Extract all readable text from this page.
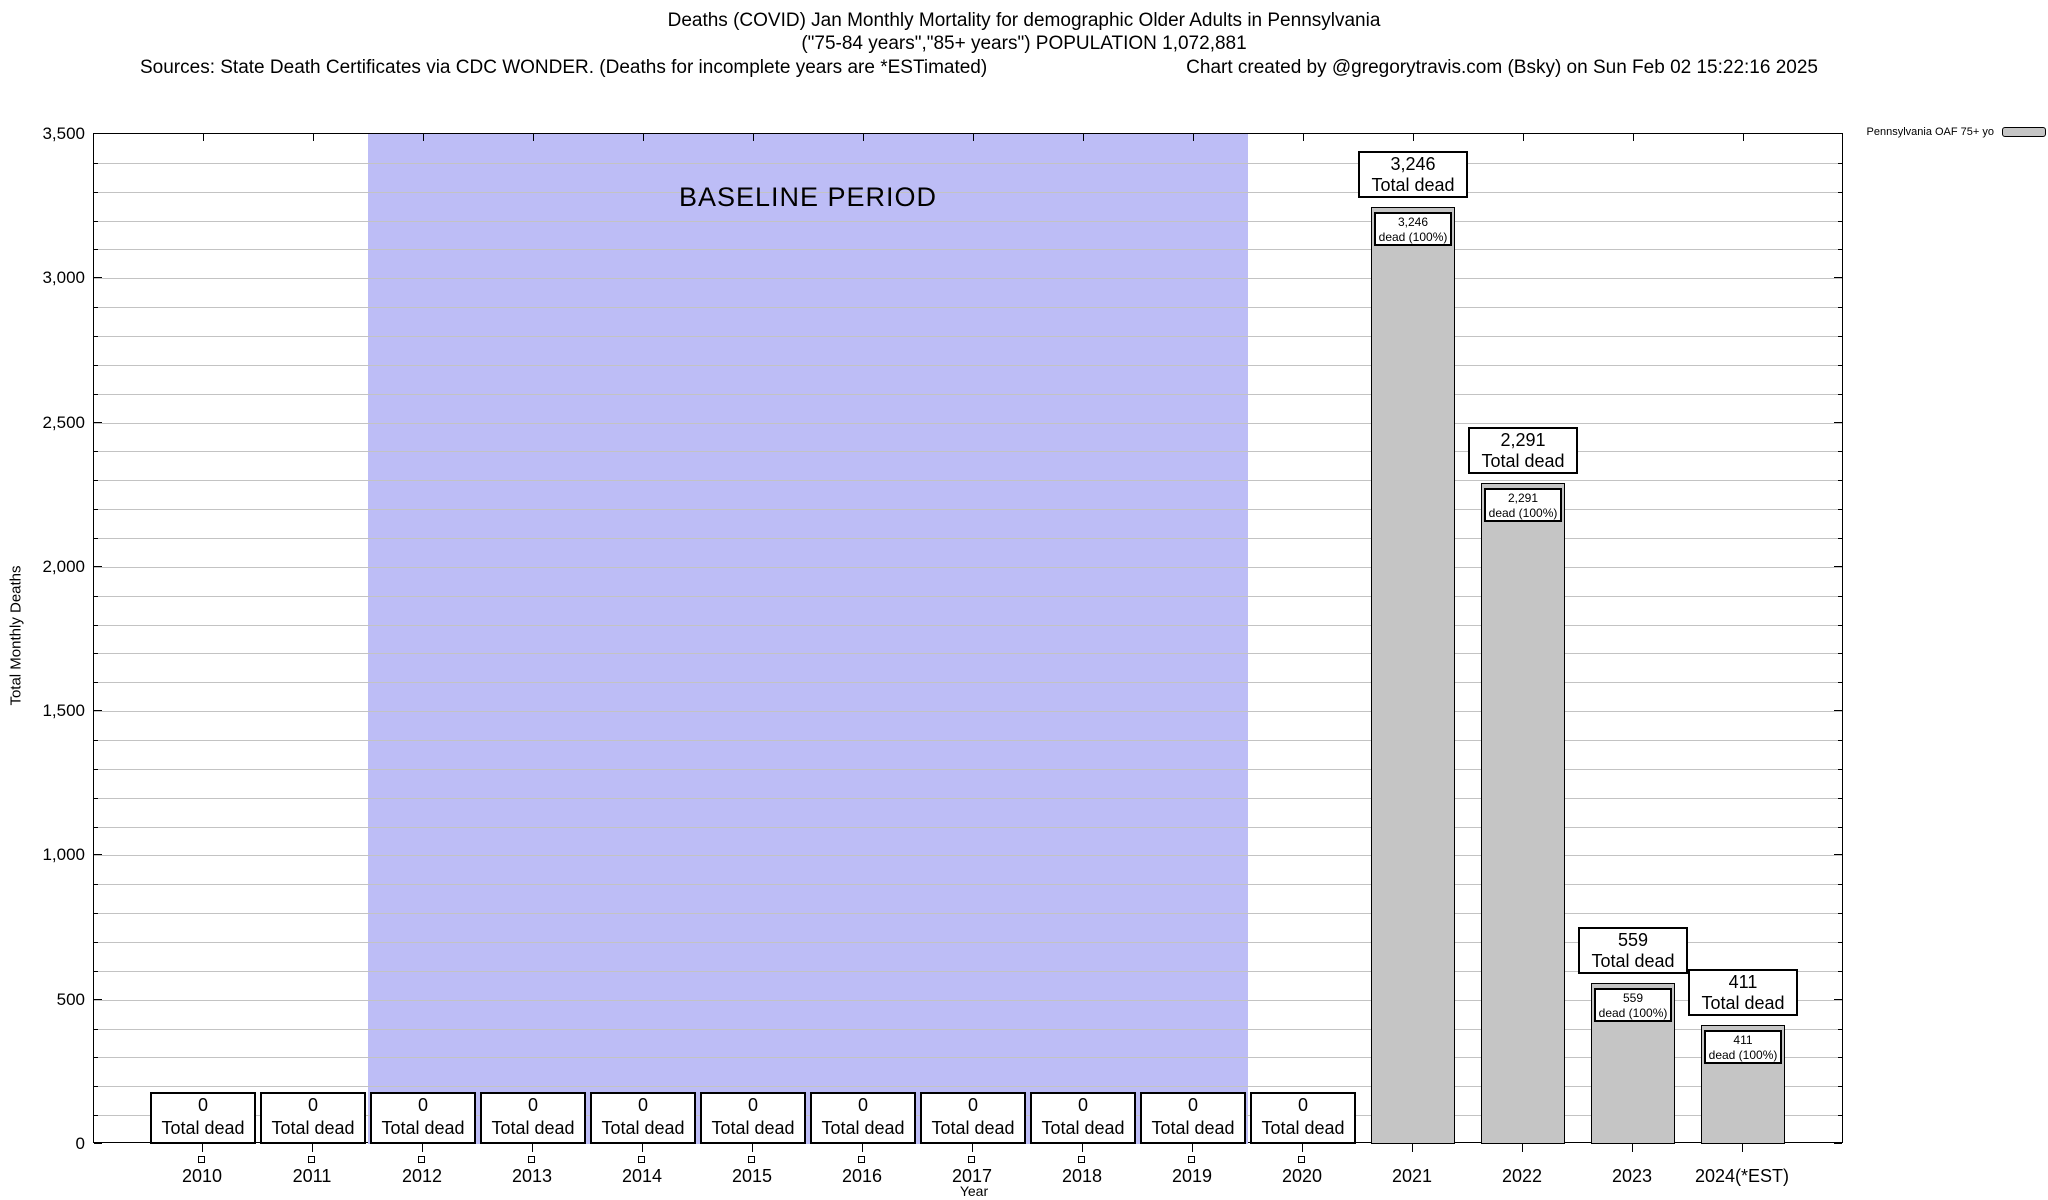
Deaths (COVID) Jan Monthly Mortality for demographic Older Adults in Pennsylvania
("75-84 years","85+ years") POPULATION 1,072,881
Sources: State Death Certificates via CDC WONDER. (Deaths for incomplete years are *ESTimated)	Chart created by @gregorytravis.com (Bsky) on Sun Feb 02 15:22:16 2025
Pennsylvania OAF 75+ yo
Total Monthly Deaths
BASELINE PERIOD
0
Total dead
0
Total dead
0
Total dead
0
Total dead
0
Total dead
0
Total dead
0
Total dead
0
Total dead
0
Total dead
0
Total dead
0
Total dead
3,246
dead (100%)
3,246
Total dead
2,291
dead (100%)
2,291
Total dead
559
dead (100%)
559
Total dead
411
dead (100%)
411
Total dead
0
500
1,000
1,500
2,000
2,500
3,000
3,500
2010	2011	2012	2013	2014	2015	2016	2017	2018	2019	2020	2021	2022	2023	2024(*EST)
Year
